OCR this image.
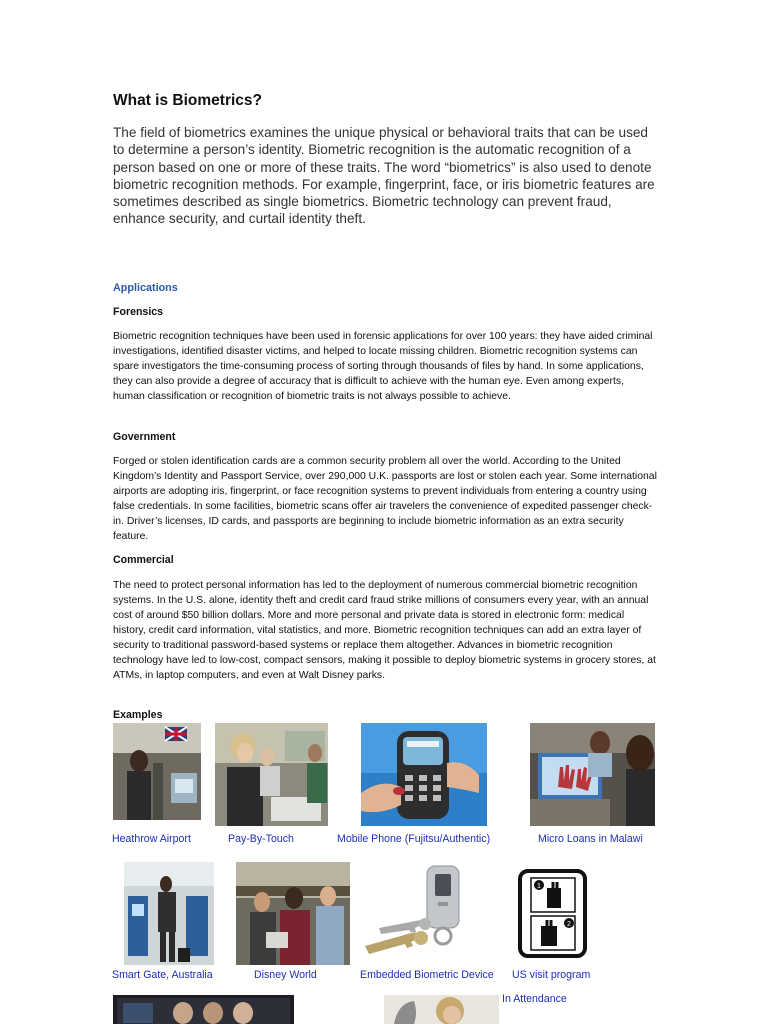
What is Biometrics?
The field of biometrics examines the unique physical or behavioral traits that can be used to determine a person’s identity. Biometric recognition is the automatic recognition of a person based on one or more of these traits. The word “biometrics” is also used to denote biometric recognition methods. For example, fingerprint, face, or iris biometric features are sometimes described as single biometrics. Biometric technology can prevent fraud, enhance security, and curtail identity theft.
Applications
Forensics
Biometric recognition techniques have been used in forensic applications for over 100 years: they have aided criminal investigations, identified disaster victims, and helped to locate missing children. Biometric recognition systems can spare investigators the time-consuming process of sorting through thousands of files by hand. In some applications, they can also provide a degree of accuracy that is difficult to achieve with the human eye. Even among experts, human classification or recognition of biometric traits is not always possible to achieve.
Government
Forged or stolen identification cards are a common security problem all over the world. According to the United Kingdom’s Identity and Passport Service, over 290,000 U.K. passports are lost or stolen each year. Some international airports are adopting iris, fingerprint, or face recognition systems to prevent individuals from entering a country using false credentials. In some facilities, biometric scans offer air travelers the convenience of expedited passenger check-in. Driver’s licenses, ID cards, and passports are beginning to include biometric information as an extra security feature.
Commercial
The need to protect personal information has led to the deployment of numerous commercial biometric recognition systems. In the U.S. alone, identity theft and credit card fraud strike millions of consumers every year, with an annual cost of around $50 billion dollars. More and more personal and private data is stored in electronic form: medical history, credit card information, vital statistics, and more. Biometric recognition techniques can add an extra layer of security to traditional password-based systems or replace them altogether. Advances in biometric recognition technology have led to low-cost, compact sensors, making it possible to deploy biometric systems in grocery stores, at ATMs, in laptop computers, and even at Walt Disney parks.
Examples
Heathrow Airport	Pay-By-Touch	Mobile Phone (Fujitsu/Authentic)	Micro Loans in Malawi
1
2
Smart Gate, Australia	Disney World	Embedded Biometric Device US visit program
In Attendance
